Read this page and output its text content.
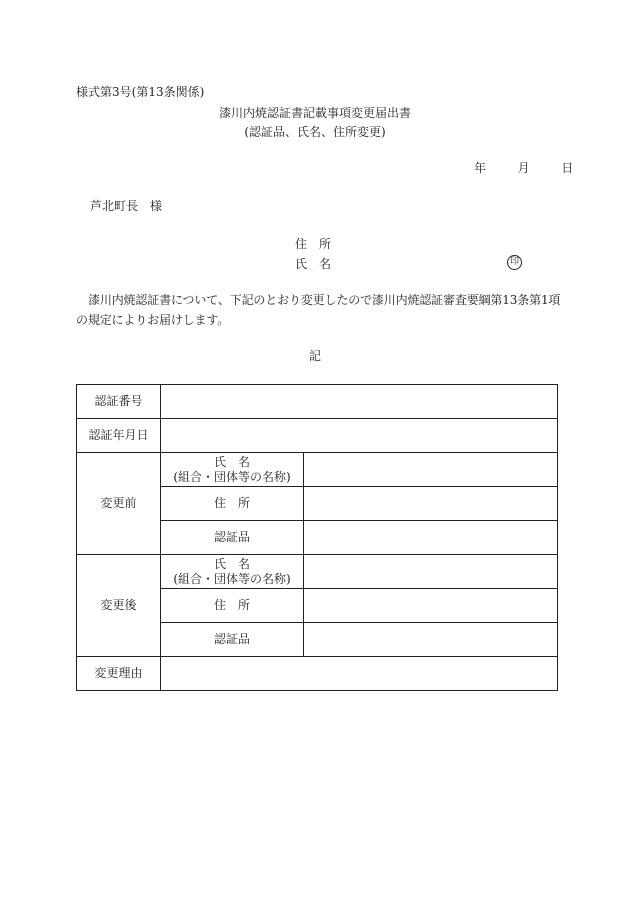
様式第3号(第13条関係)
漆川内焼認証書記載事項変更届出書
(認証品、氏名、住所変更)
年	月	日
芦北町長　様
住　所
氏　名	印
漆川内焼認証書について、下記のとおり変更したので漆川内焼認証審査要綱第13条第1項の規定によりお届けします。
記
認証番号		
認証年月日		
変更前	氏　名
(組合・団体等の名称)	

	住　所	
	認証品	
変更後	氏　名
(組合・団体等の名称)	

	住　所	
	認証品	
変更理由		
